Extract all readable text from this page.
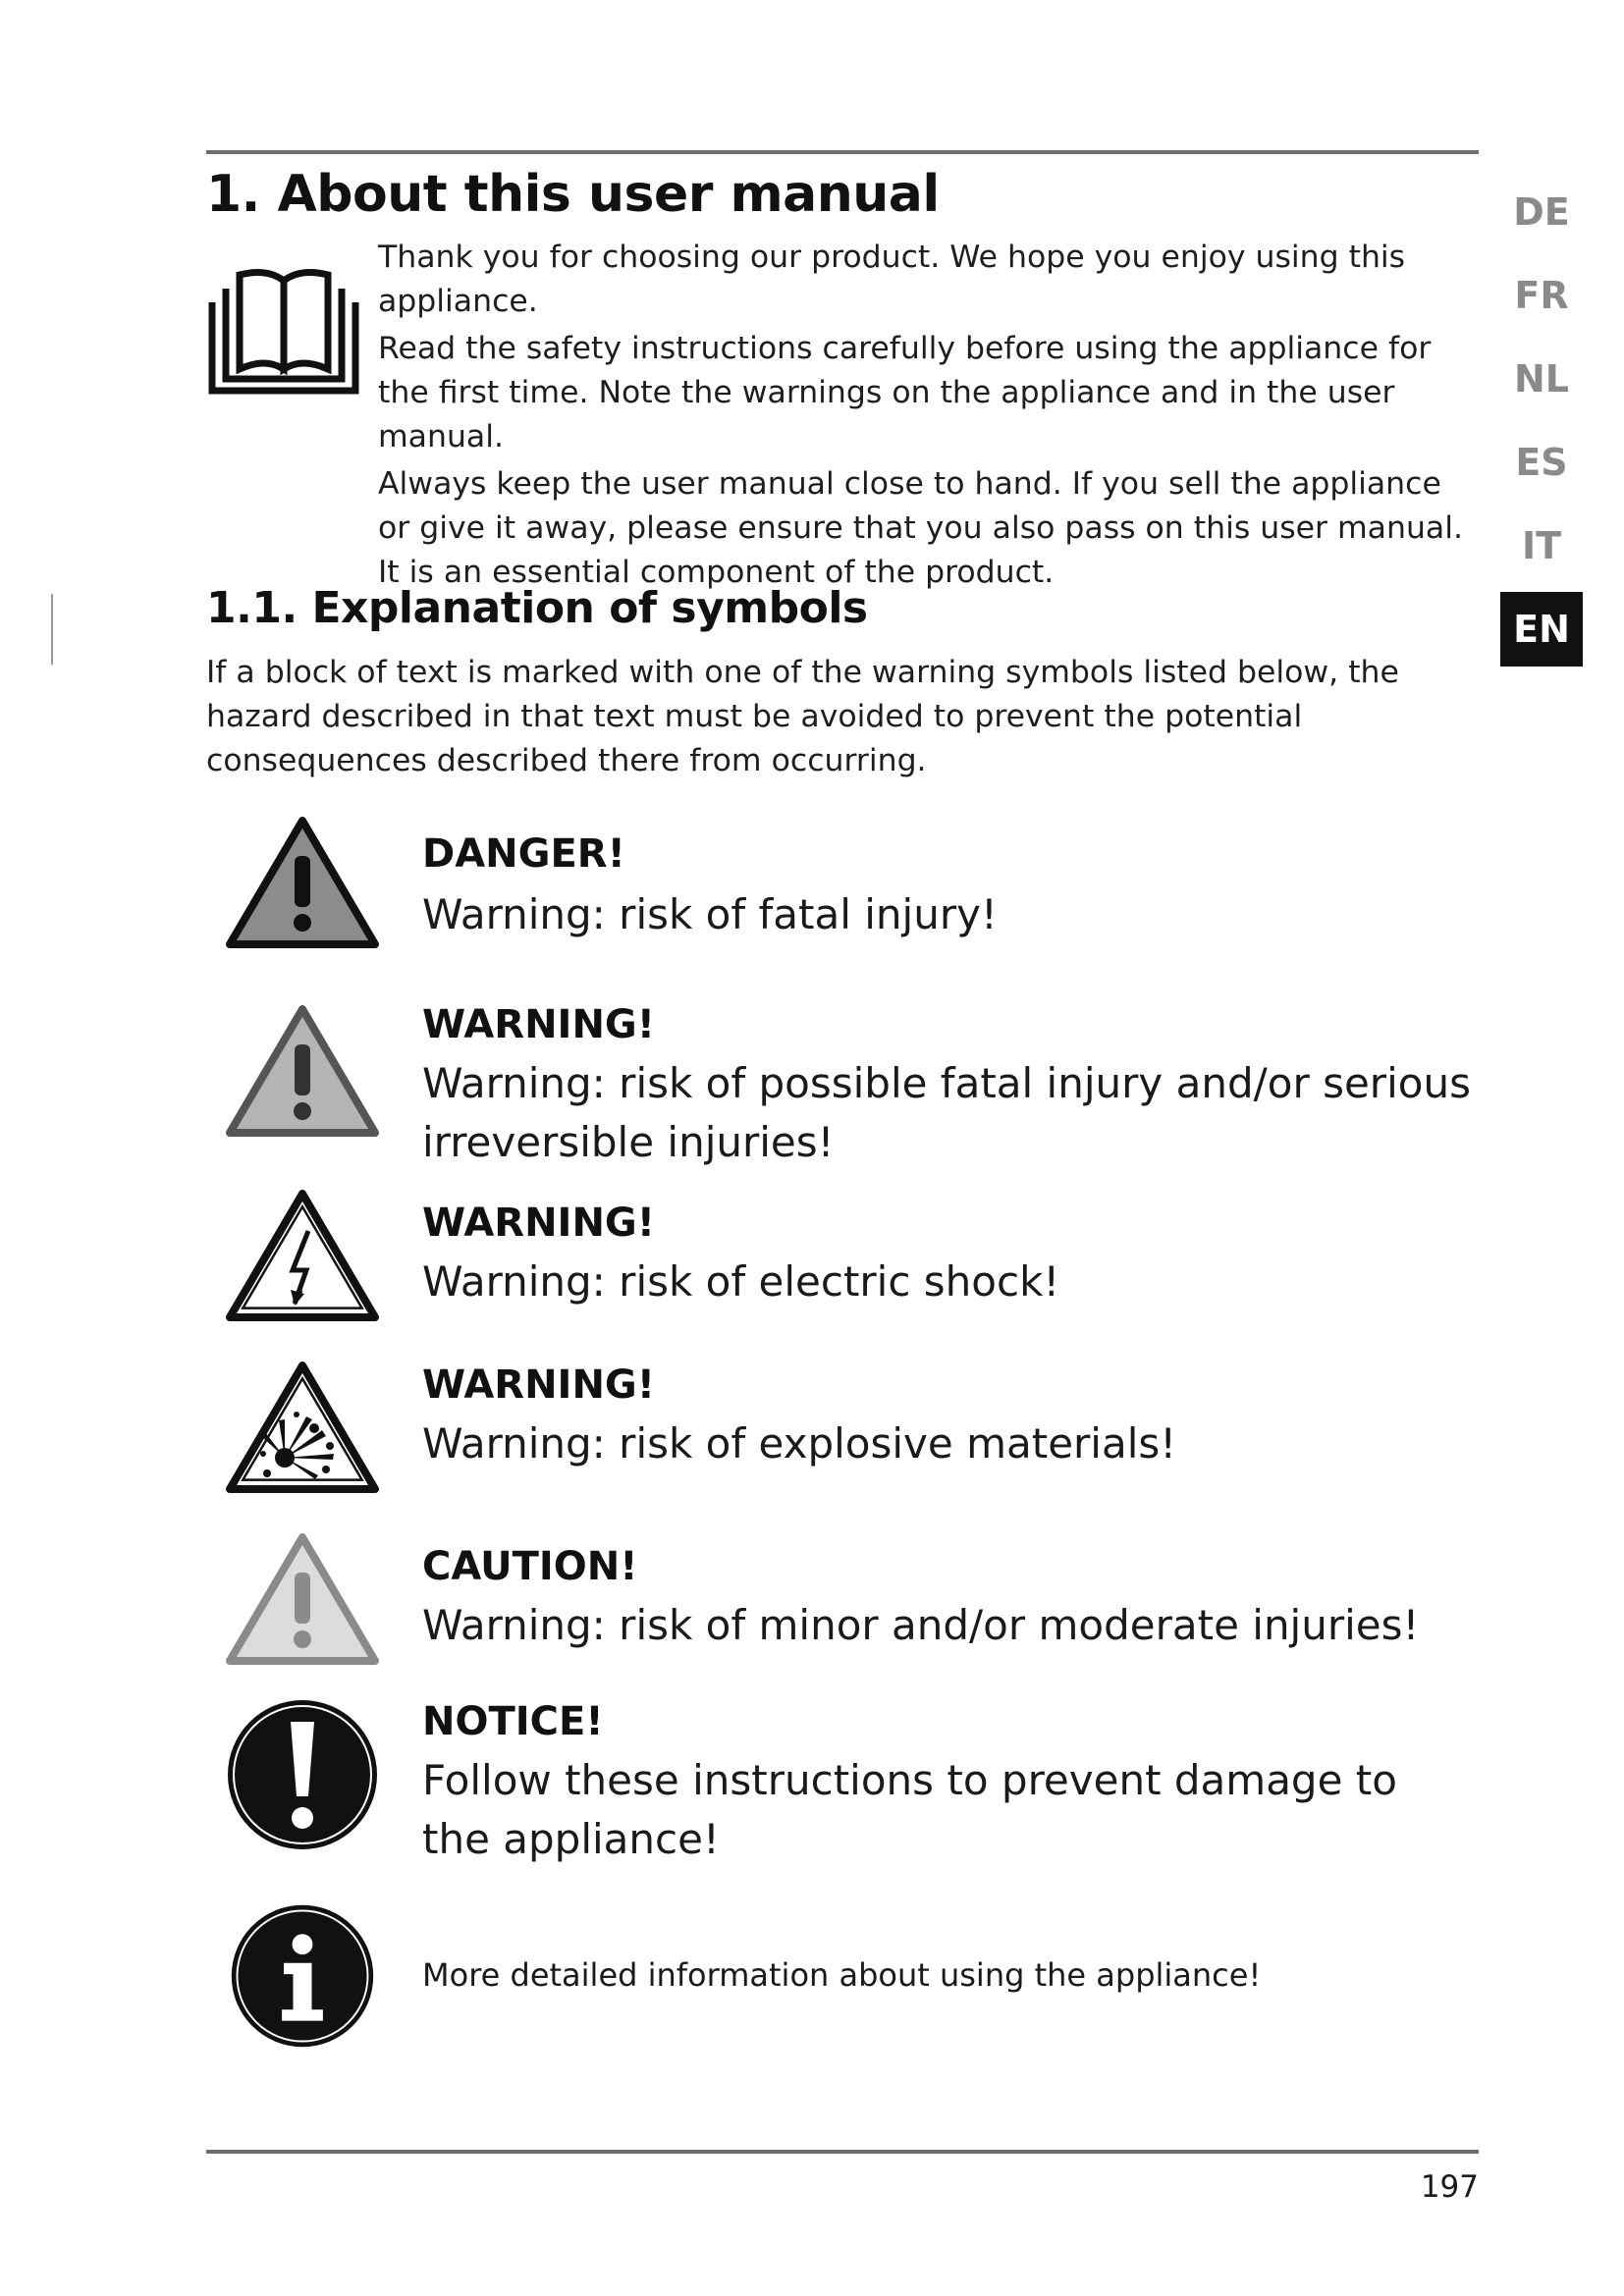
1. About this user manual

Thank you for choosing our product. We hope you enjoy using this appliance.

Read the safety instructions carefully before using the appliance for the first time. Note the warnings on the appliance and in the user manual.

Always keep the user manual close to hand. If you sell the appliance or give it away, please ensure that you also pass on this user manual. It is an essential component of the product.

1.1. Explanation of symbols

If a block of text is marked with one of the warning symbols listed below, the hazard described in that text must be avoided to prevent the potential consequences described there from occurring.

DE
FR
NL
ES
IT
EN
DANGER!
Warning: risk of fatal injury!
WARNING!
Warning: risk of possible fatal injury and/or serious irreversible injuries!
WARNING!
Warning: risk of electric shock!
WARNING!
Warning: risk of explosive materials!
CAUTION!
Warning: risk of minor and/or moderate injuries!
NOTICE!
Follow these instructions to prevent damage to the appliance!
More detailed information about using the appliance!
197
